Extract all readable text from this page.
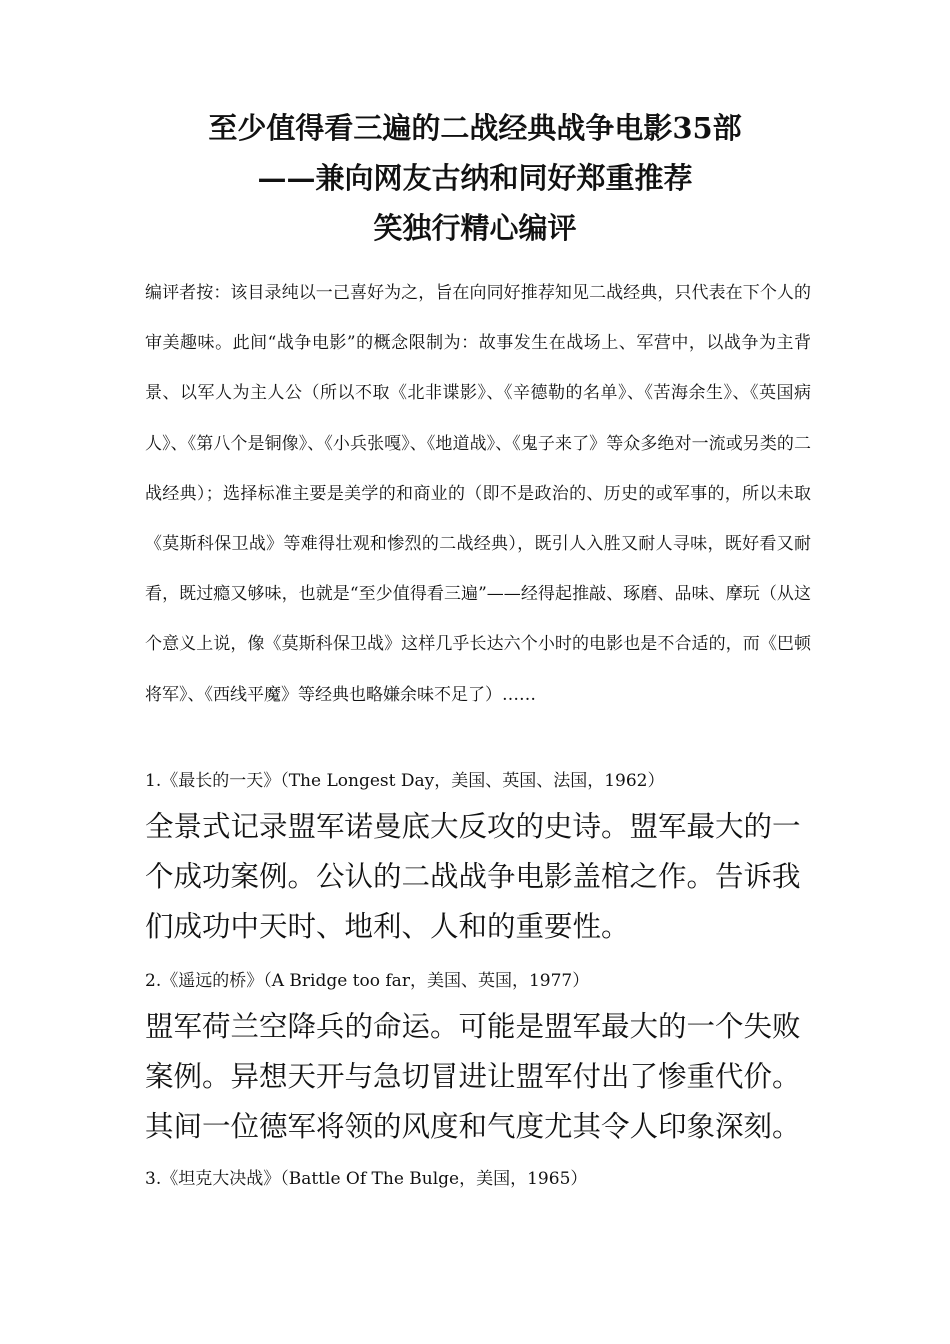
至少值得看三遍的二战经典战争电影35部
——兼向网友古纳和同好郑重推荐
笑独行精心编评

编评者按：该目录纯以一己喜好为之，旨在向同好推荐知见二战经典，只代表在下个人的审美趣味。此间“战争电影”的概念限制为：故事发生在战场上、军营中，以战争为主背景、以军人为主人公（所以不取《北非谍影》、《辛德勒的名单》、《苦海余生》、《英国病人》、《第八个是铜像》、《小兵张嘎》、《地道战》、《鬼子来了》等众多绝对一流或另类的二战经典）；选择标准主要是美学的和商业的（即不是政治的、历史的或军事的，所以未取《莫斯科保卫战》等难得壮观和惨烈的二战经典），既引人入胜又耐人寻味，既好看又耐看，既过瘾又够味，也就是“至少值得看三遍”——经得起推敲、琢磨、品味、摩玩（从这个意义上说，像《莫斯科保卫战》这样几乎长达六个小时的电影也是不合适的，而《巴顿将军》、《西线平魔》等经典也略嫌余味不足了）……

1.《最长的一天》（The Longest Day，美国、英国、法国，1962）

全景式记录盟军诺曼底大反攻的史诗。盟军最大的一个成功案例。公认的二战战争电影盖棺之作。告诉我们成功中天时、地利、人和的重要性。

2.《遥远的桥》（A Bridge too far，美国、英国，1977）

盟军荷兰空降兵的命运。可能是盟军最大的一个失败案例。异想天开与急切冒进让盟军付出了惨重代价。其间一位德军将领的风度和气度尤其令人印象深刻。

3.《坦克大决战》（Battle Of The Bulge，美国，1965）
